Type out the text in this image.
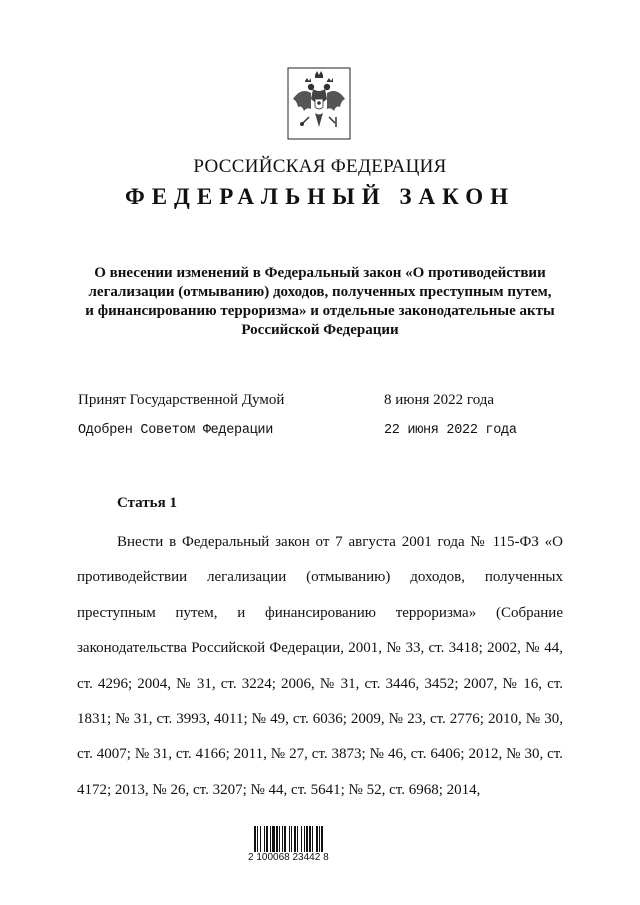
РОССИЙСКАЯ ФЕДЕРАЦИЯ
ФЕДЕРАЛЬНЫЙ ЗАКОН
О внесении изменений в Федеральный закон «О противодействии
легализации (отмыванию) доходов, полученных преступным путем,
и финансированию терроризма» и отдельные законодательные акты
Российской Федерации
Принят Государственной Думой	8 июня 2022 года
Одобрен Советом Федерации	22 июня 2022 года
Статья 1
Внести в Федеральный закон от 7 августа 2001 года № 115-ФЗ «О противодействии легализации (отмыванию) доходов, полученных преступным путем, и финансированию терроризма» (Собрание законодательства Российской Федерации, 2001, № 33, ст. 3418; 2002, № 44, ст. 4296; 2004, № 31, ст. 3224; 2006, № 31, ст. 3446, 3452; 2007, № 16, ст. 1831; № 31, ст. 3993, 4011; № 49, ст. 6036; 2009, № 23, ст. 2776; 2010, № 30, ст. 4007; № 31, ст. 4166; 2011, № 27, ст. 3873; № 46, ст. 6406; 2012, № 30, ст. 4172; 2013, № 26, ст. 3207; № 44, ст. 5641; № 52, ст. 6968; 2014,
2 100068 23442 8
